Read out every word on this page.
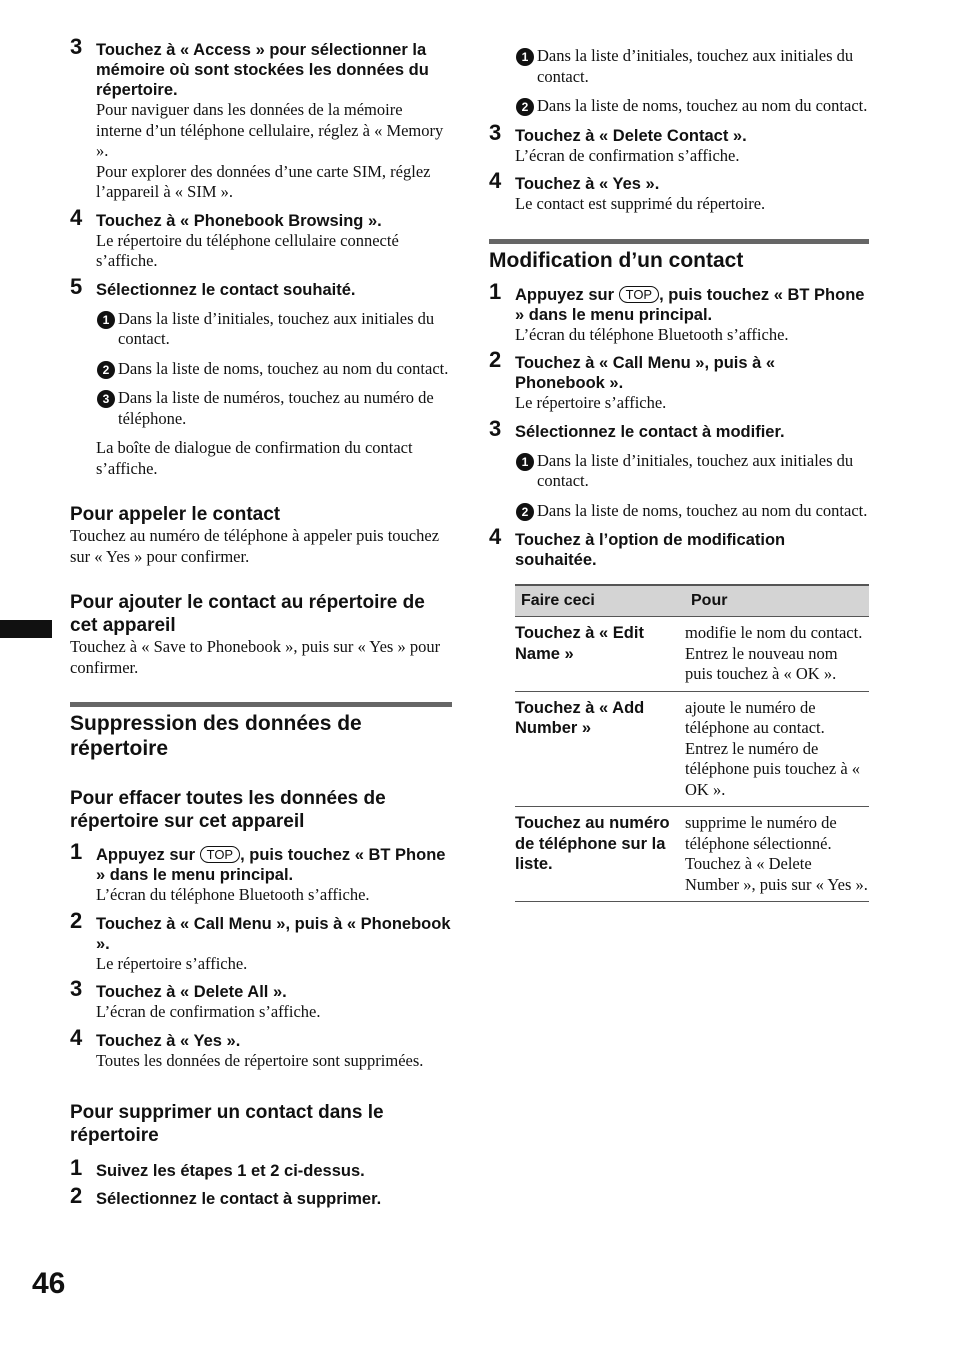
3 Touchez à « Access » pour sélectionner la mémoire où sont stockées les données du répertoire.

Pour naviguer dans les données de la mémoire interne d’un téléphone cellulaire, réglez à « Memory ».

Pour explorer des données d’une carte SIM, réglez l’appareil à « SIM ».

4 Touchez à « Phonebook Browsing ».

Le répertoire du téléphone cellulaire connecté s’affiche.

5 Sélectionnez le contact souhaité.
1 Dans la liste d’initiales, touchez aux initiales du contact.
2 Dans la liste de noms, touchez au nom du contact.
3 Dans la liste de numéros, touchez au numéro de téléphone.

La boîte de dialogue de confirmation du contact s’affiche.

Pour appeler le contact

Touchez au numéro de téléphone à appeler puis touchez sur « Yes » pour confirmer.

Pour ajouter le contact au répertoire de cet appareil

Touchez à « Save to Phonebook », puis sur « Yes » pour confirmer.

Suppression des données de répertoire
Pour effacer toutes les données de répertoire sur cet appareil
1 Appuyez sur TOP , puis touchez « BT Phone » dans le menu principal.

L’écran du téléphone Bluetooth s’affiche.

2 Touchez à « Call Menu », puis à « Phonebook ».

Le répertoire s’affiche.

3 Touchez à « Delete All ».

L’écran de confirmation s’affiche.

4 Touchez à « Yes ».

Toutes les données de répertoire sont supprimées.

Pour supprimer un contact dans le répertoire
1 Suivez les étapes 1 et 2 ci-dessus.
2 Sélectionnez le contact à supprimer.
1 Dans la liste d’initiales, touchez aux initiales du contact.
2 Dans la liste de noms, touchez au nom du contact.
3 Touchez à « Delete Contact ».

L’écran de confirmation s’affiche.

4 Touchez à « Yes ».

Le contact est supprimé du répertoire.

Modification d’un contact
1 Appuyez sur TOP , puis touchez « BT Phone » dans le menu principal.

L’écran du téléphone Bluetooth s’affiche.

2 Touchez à « Call Menu », puis à « Phonebook ».

Le répertoire s’affiche.

3 Sélectionnez le contact à modifier.
1 Dans la liste d’initiales, touchez aux initiales du contact.
2 Dans la liste de noms, touchez au nom du contact.
4 Touchez à l’option de modification souhaitée.
Faire ceci	Pour
Touchez à « Edit Name »	modifie le nom du contact. Entrez le nouveau nom puis touchez à « OK ».
Touchez à « Add Number »	ajoute le numéro de téléphone au contact. Entrez le numéro de téléphone puis touchez à « OK ».
Touchez au numéro de téléphone sur la liste.	supprime le numéro de téléphone sélectionné. Touchez à « Delete Number », puis sur « Yes ».
46
